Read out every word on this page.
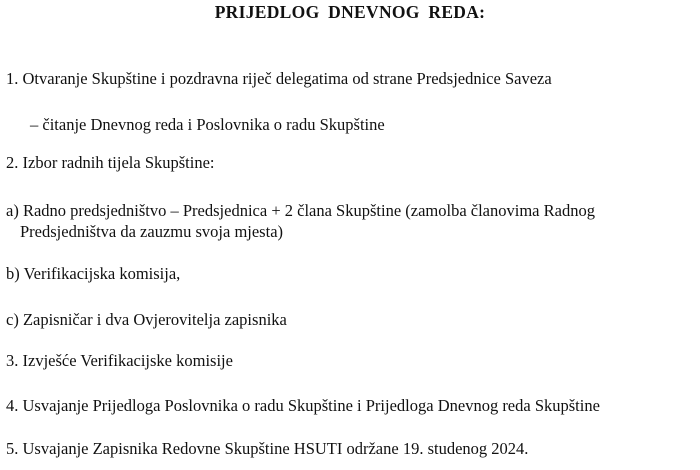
PRIJEDLOG DNEVNOG REDA:
1. Otvaranje Skupštine i pozdravna riječ delegatima od strane Predsjednice Saveza
– čitanje Dnevnog reda i Poslovnika o radu Skupštine
2. Izbor radnih tijela Skupštine:
a) Radno predsjedništvo – Predsjednica + 2 člana Skupštine (zamolba članovima Radnog
Predsjedništva da zauzmu svoja mjesta)
b) Verifikacijska komisija,
c) Zapisničar i dva Ovjerovitelja zapisnika
3. Izvješće Verifikacijske komisije
4. Usvajanje Prijedloga Poslovnika o radu Skupštine i Prijedloga Dnevnog reda Skupštine
5. Usvajanje Zapisnika Redovne Skupštine HSUTI održane 19. studenog 2024.
